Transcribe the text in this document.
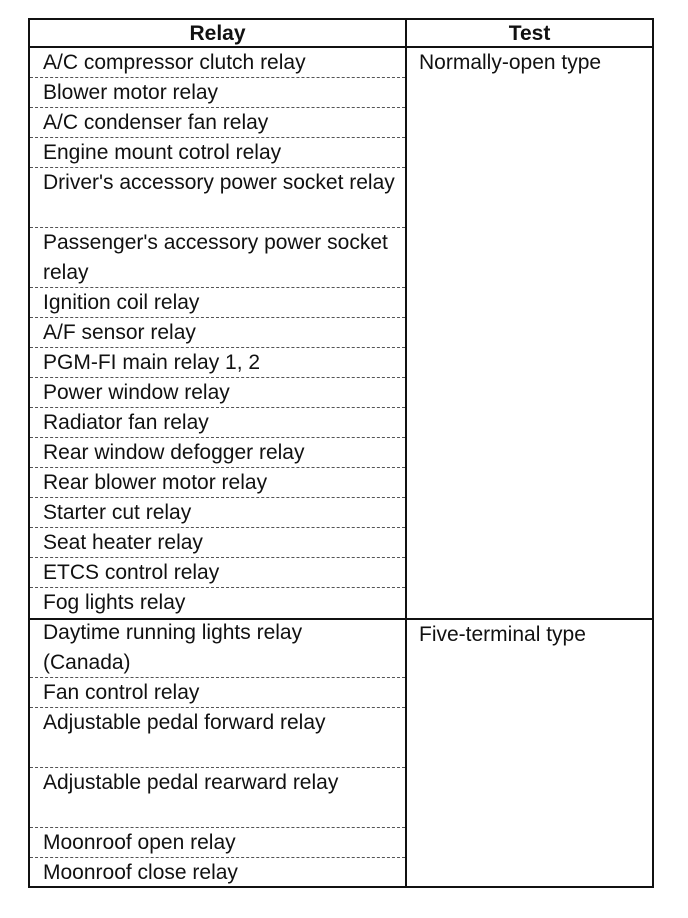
Relay	Test
A/C compressor clutch relay
Blower motor relay
A/C condenser fan relay
Engine mount cotrol relay
Driver's accessory power socket relay
Passenger's accessory power socket relay
Ignition coil relay
A/F sensor relay
PGM-FI main relay 1, 2
Power window relay
Radiator fan relay
Rear window defogger relay
Rear blower motor relay
Starter cut relay
Seat heater relay
ETCS control relay
Fog lights relay
Daytime running lights relay (Canada)
Fan control relay
Adjustable pedal forward relay
Adjustable pedal rearward relay
Moonroof open relay
Moonroof close relay
Normally-open type
Five-terminal type
